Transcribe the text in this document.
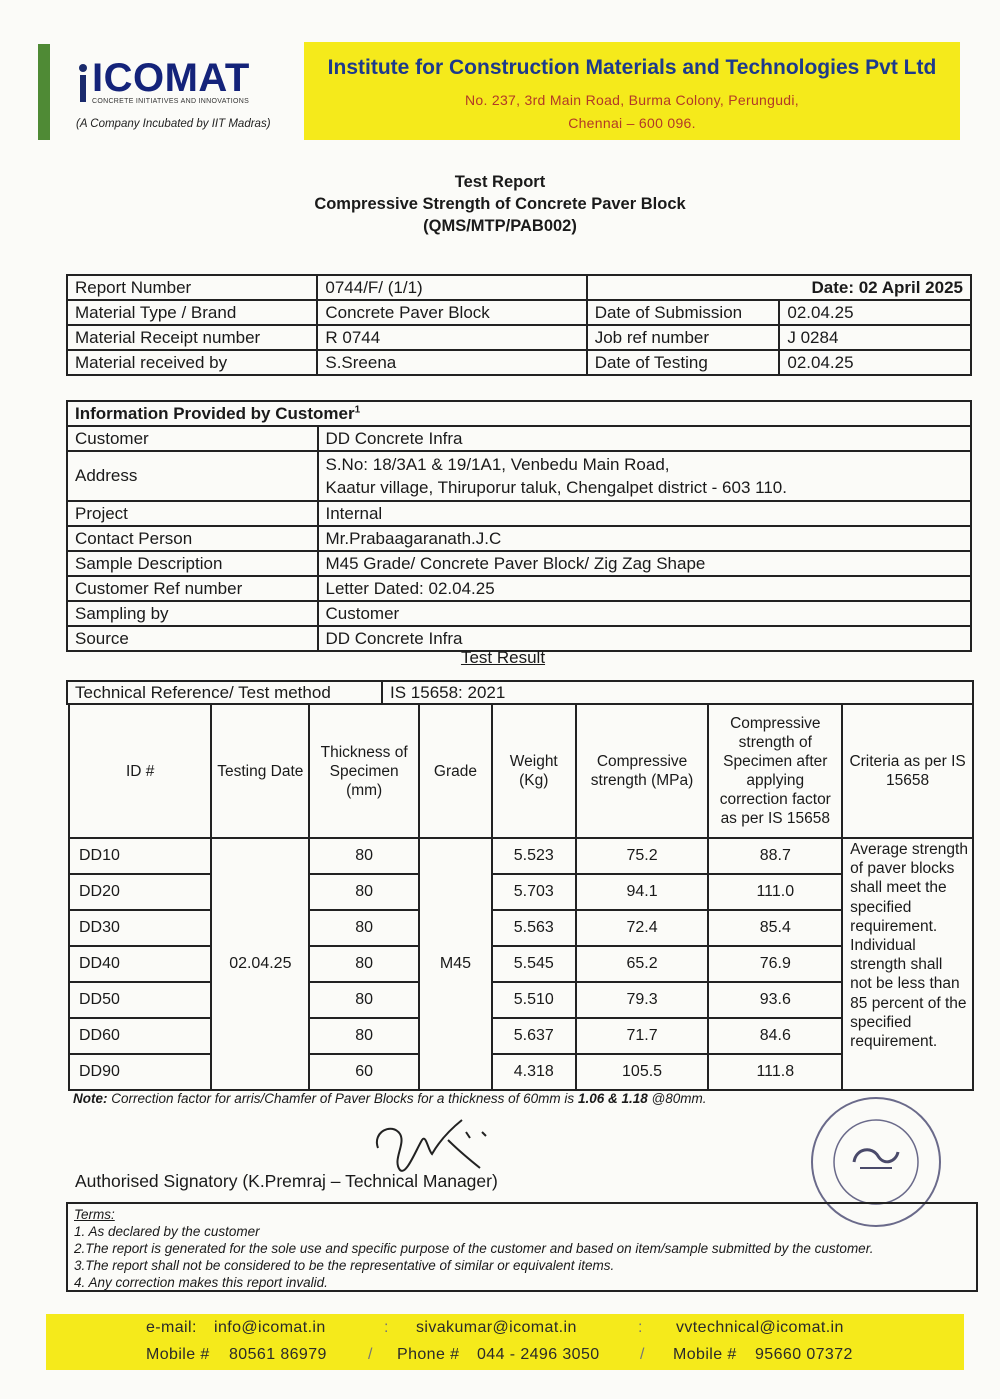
ICOMAT
CONCRETE INITIATIVES AND INNOVATIONS
(A Company Incubated by IIT Madras)
Institute for Construction Materials and Technologies Pvt Ltd
No. 237, 3rd Main Road, Burma Colony, Perungudi,
Chennai – 600 096.
Test Report
Compressive Strength of Concrete Paver Block
(QMS/MTP/PAB002)
Report Number	0744/F/ (1/1)	Date: 02 April 2025	
Material Type / Brand	Concrete Paver Block	Date of Submission	02.04.25
Material Receipt number	R 0744	Job ref number	J 0284
Material received by	S.Sreena	Date of Testing	02.04.25
Information Provided by Customer$^1$
Customer	DD Concrete Infra
Address	S.No: 18/3A1 & 19/1A1, Venbedu Main Road,
Kaatur village, Thiruporur taluk, Chengalpet district - 603 110.

Project	Internal
Contact Person	Mr.Prabaagaranath.J.C
Sample Description	M45 Grade/ Concrete Paver Block/ Zig Zag Shape
Customer Ref number	Letter Dated: 02.04.25
Sampling by	Customer
Source	DD Concrete Infra
Test Result
Technical Reference/ Test method	IS 15658: 2021
ID #	Testing Date	Thickness of Specimen (mm)	Grade	Weight (Kg)	Compressive strength (MPa)	Compressive strength of Specimen after applying correction factor as per IS 15658	Criteria as per IS 15658
DD10	02.04.25	80	M45	5.523	75.2	88.7	Average strength of paver blocks shall meet the specified requirement. Individual strength shall not be less than 85 percent of the specified requirement.
DD20		80		5.703	94.1	111.0	
DD30		80		5.563	72.4	85.4	
DD40		80		5.545	65.2	76.9	
DD50		80		5.510	79.3	93.6	
DD60		80		5.637	71.7	84.6	
DD90		60		4.318	105.5	111.8	
Note: Correction factor for arris/Chamfer of Paver Blocks for a thickness of 60mm is 1.06 & 1.18 @80mm.
Authorised Signatory (K.Premraj – Technical Manager)
Terms:
1. As declared by the customer
2.The report is generated for the sole use and specific purpose of the customer and based on item/sample submitted by the customer.
3.The report shall not be considered to be the representative of similar or equivalent items.
4. Any correction makes this report invalid.
e-mail: info@icomat.in	: sivakumar@icomat.in	: vvtechnical@icomat.in
Mobile # 80561 86979	/ Phone # 044 - 2496 3050	/ Mobile # 95660 07372
